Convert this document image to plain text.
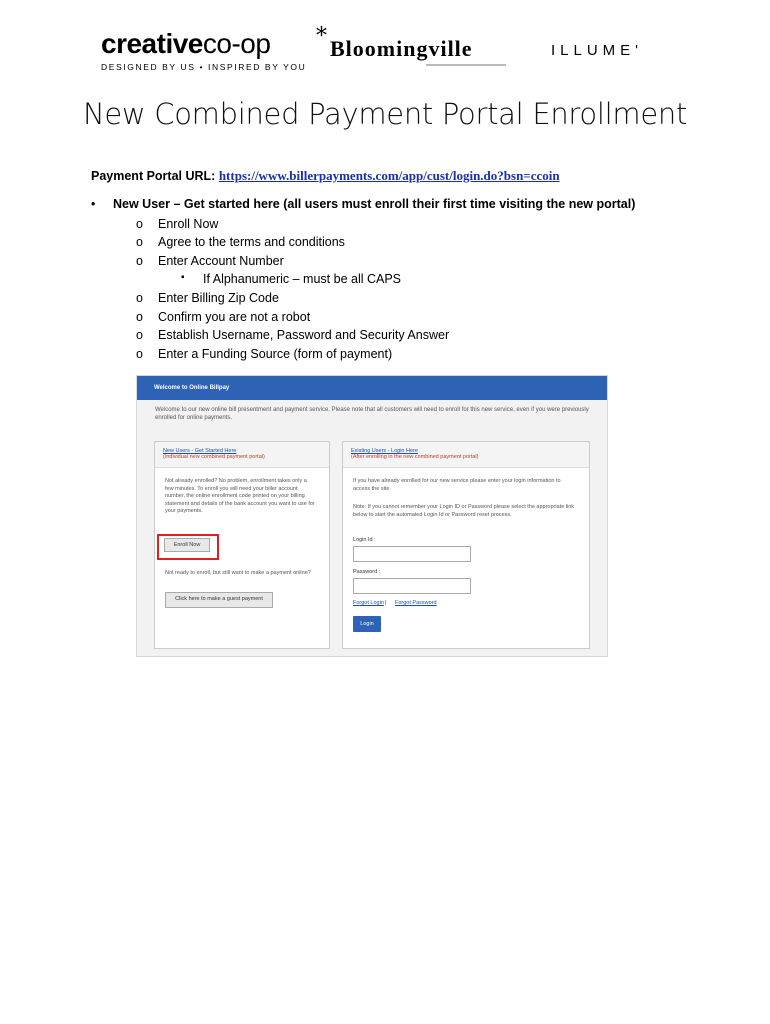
creativeco-op
DESIGNED BY US • INSPIRED BY YOU
* Bloomingville	ILLUME'
New Combined Payment Portal Enrollment
Payment Portal URL: https://www.billerpayments.com/app/cust/login.do?bsn=ccoin
• New User – Get started here (all users must enroll their first time visiting the new portal)
o Enroll Now
o Agree to the terms and conditions
o Enter Account Number
▪ If Alphanumeric – must be all CAPS
o Enter Billing Zip Code
o Confirm you are not a robot
o Establish Username, Password and Security Answer
o Enter a Funding Source (form of payment)
Welcome to Online Billpay
Welcome to our new online bill presentment and payment service. Please note that all customers will need to enroll for this new service, even if you were previously enrolled for online payments.
New Users - Get Started Here
(Individual new combined payment portal)
Not already enrolled? No problem, enrollment takes only a few minutes. To enroll you will need your biller account number, the online enrollment code printed on your billing statement and details of the bank account you want to use for your payments.
Enroll Now
Not ready to enroll, but still want to make a payment online?
Click here to make a guest payment
Existing Users - Login Here
(After enrolling in the new combined payment portal)
If you have already enrolled for our new service please enter your login information to access the site.
Note: If you cannot remember your Login ID or Password please select the appropriate link below to start the automated Login Id or Password reset process.
Login Id :
Password :
Forgot Login | Forgot Password
Login
